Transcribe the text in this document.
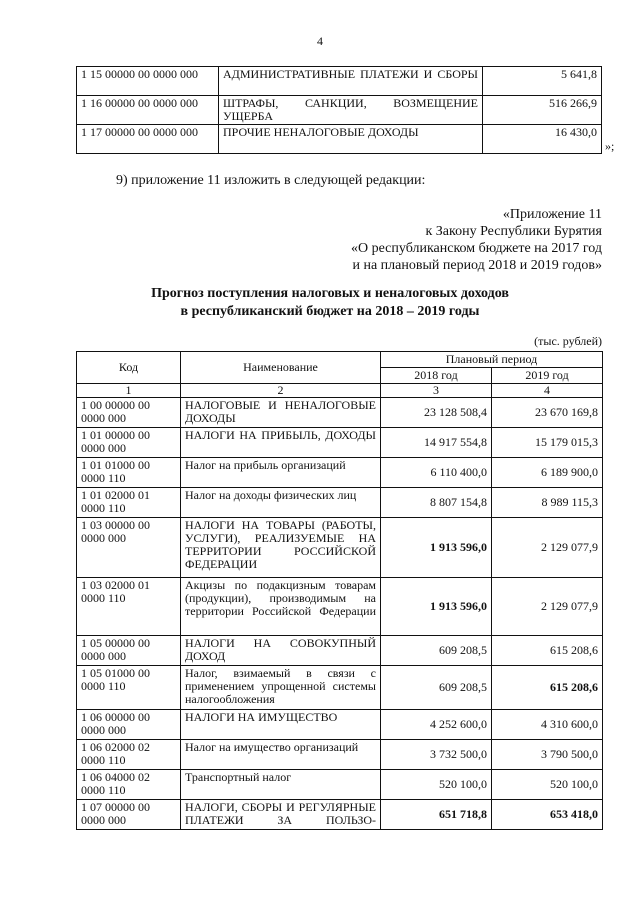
4
1 15 00000 00 0000 000	АДМИНИСТРАТИВНЫЕ ПЛАТЕЖИ И СБОРЫ	5 641,8
1 16 00000 00 0000 000	ШТРАФЫ, САНКЦИИ, ВОЗМЕЩЕНИЕ УЩЕРБА	516 266,9
1 17 00000 00 0000 000	ПРОЧИЕ НЕНАЛОГОВЫЕ ДОХОДЫ	16 430,0
»;
9) приложение 11 изложить в следующей редакции:
«Приложение 11
к Закону Республики Бурятия
«О республиканском бюджете на 2017 год
и на плановый период 2018 и 2019 годов»
Прогноз поступления налоговых и неналоговых доходов
в республиканский бюджет на 2018 – 2019 годы
(тыс. рублей)
Код	Наименование	Плановый период	
		2018 год	2019 год
1	2	3	4
1 00 00000 00 0000 000	НАЛОГОВЫЕ И НЕНАЛОГОВЫЕ ДОХОДЫ	23 128 508,4	23 670 169,8
1 01 00000 00 0000 000	НАЛОГИ НА ПРИБЫЛЬ, ДОХОДЫ	14 917 554,8	15 179 015,3
1 01 01000 00 0000 110	Налог на прибыль организаций	6 110 400,0	6 189 900,0
1 01 02000 01 0000 110	Налог на доходы физических лиц	8 807 154,8	8 989 115,3
1 03 00000 00 0000 000	НАЛОГИ НА ТОВАРЫ (РАБОТЫ, УСЛУГИ), РЕАЛИЗУЕМЫЕ НА ТЕРРИТОРИИ РОССИЙСКОЙ ФЕДЕРАЦИИ	1 913 596,0	2 129 077,9
1 03 02000 01 0000 110	Акцизы по подакцизным товарам (продукции), производимым на территории Российской Федерации	1 913 596,0	2 129 077,9
1 05 00000 00 0000 000	НАЛОГИ НА СОВОКУПНЫЙ ДОХОД	609 208,5	615 208,6
1 05 01000 00 0000 110	Налог, взимаемый в связи с применением упрощенной системы налогообложения	609 208,5	615 208,6
1 06 00000 00 0000 000	НАЛОГИ НА ИМУЩЕСТВО	4 252 600,0	4 310 600,0
1 06 02000 02 0000 110	Налог на имущество организаций	3 732 500,0	3 790 500,0
1 06 04000 02 0000 110	Транспортный налог	520 100,0	520 100,0
1 07 00000 00 0000 000	НАЛОГИ, СБОРЫ И РЕГУЛЯРНЫЕ ПЛАТЕЖИ ЗА ПОЛЬЗО-	651 718,8	653 418,0
